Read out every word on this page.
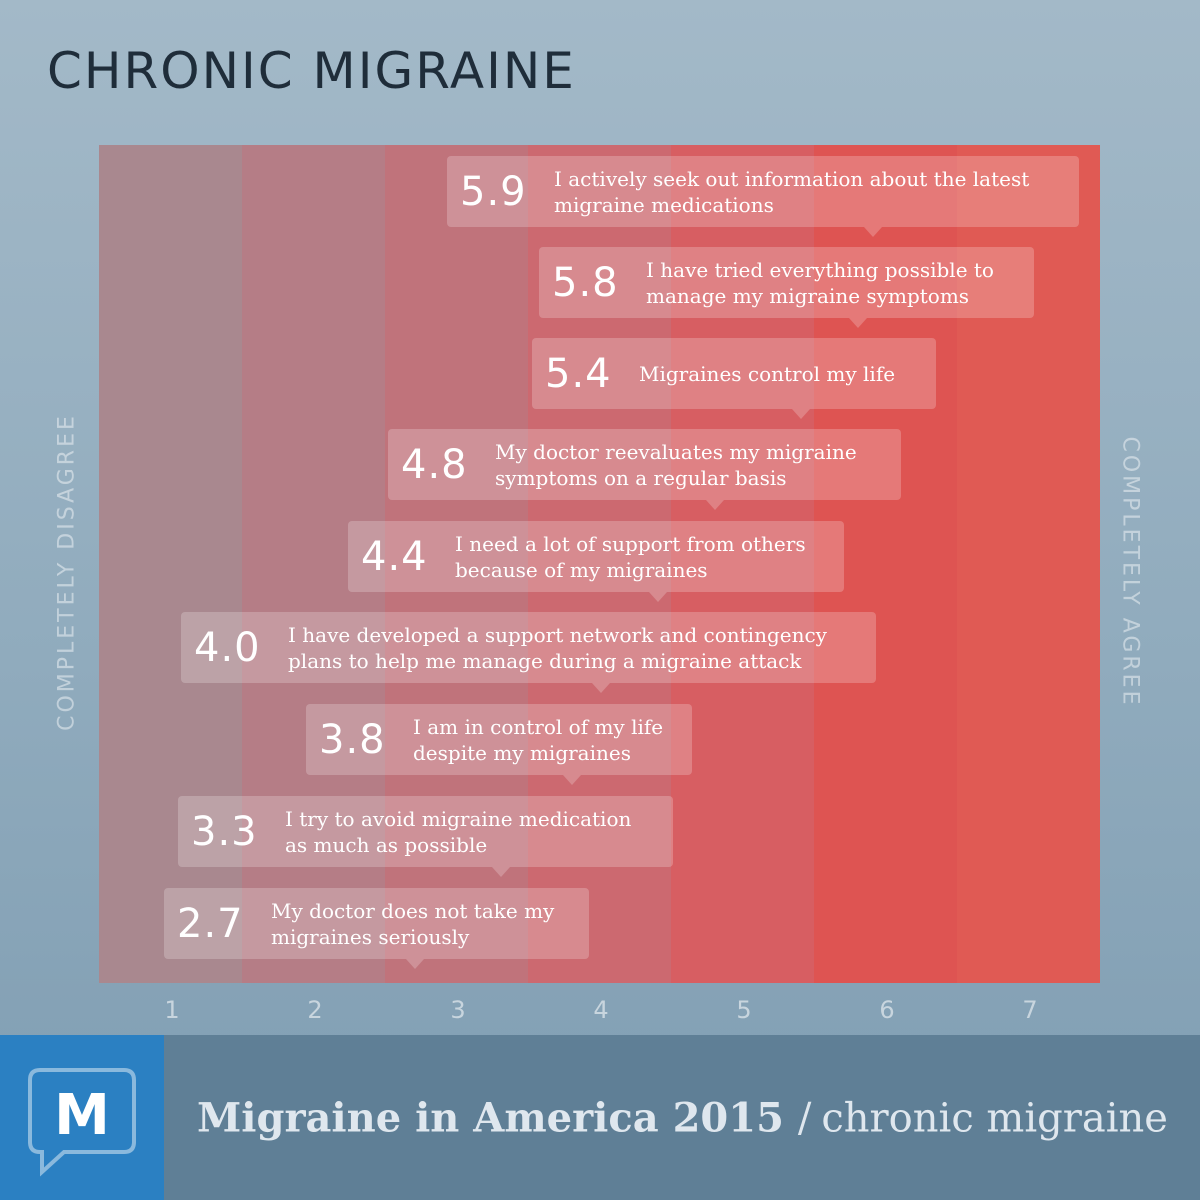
CHRONIC MIGRAINE
5.9 I actively seek out information about the latest
migraine medications
5.8 I have tried everything possible to
manage my migraine symptoms
5.4 Migraines control my life
4.8 My doctor reevaluates my migraine
symptoms on a regular basis
4.4 I need a lot of support from others
because of my migraines
4.0 I have developed a support network and contingency
plans to help me manage during a migraine attack
3.8 I am in control of my life
despite my migraines
3.3 I try to avoid migraine medication
as much as possible
2.7 My doctor does not take my
migraines seriously
COMPLETELY DISAGREE	COMPLETELY AGREE
1	2	3	4	5	6	7
M Migraine in America 2015 / chronic migraine
